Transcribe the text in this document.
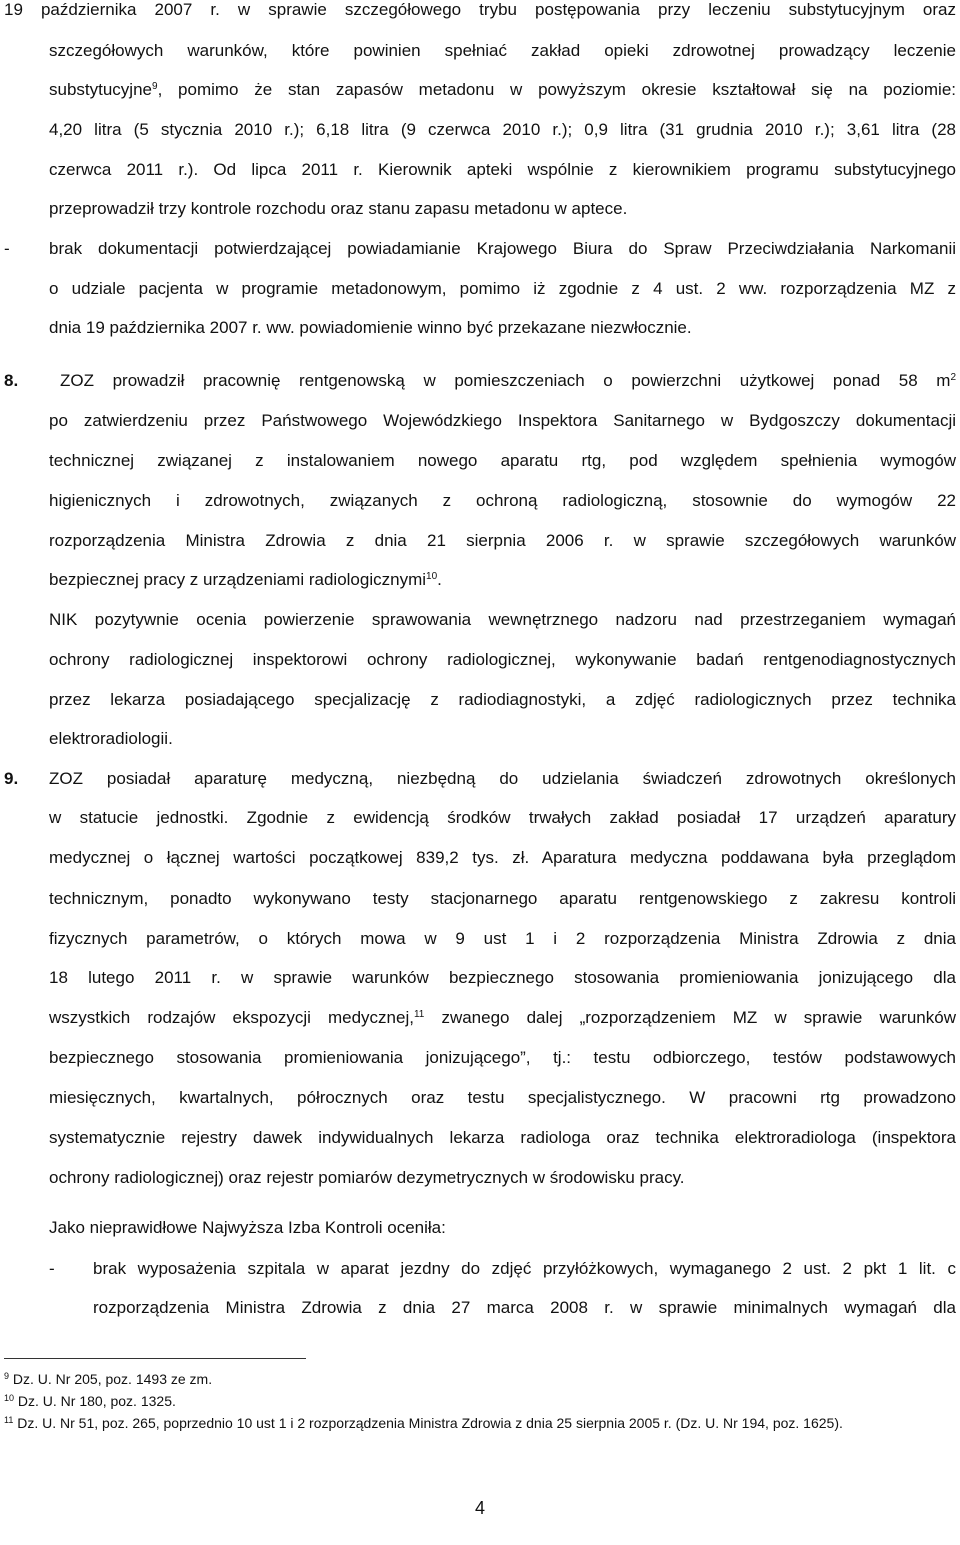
19 października 2007 r. w sprawie szczegółowego trybu postępowania przy leczeniu substytucyjnym oraz
szczegółowych warunków, które powinien spełniać zakład opieki zdrowotnej prowadzący leczenie
substytucyjne$^9$, pomimo że stan zapasów metadonu w powyższym okresie kształtował się na poziomie:
4,20 litra (5 stycznia 2010 r.); 6,18 litra (9 czerwca 2010 r.); 0,9 litra (31 grudnia 2010 r.); 3,61 litra (28
czerwca 2011 r.). Od lipca 2011 r. Kierownik apteki wspólnie z kierownikiem programu substytucyjnego
przeprowadził trzy kontrole rozchodu oraz stanu zapasu metadonu w aptece.
- brak dokumentacji potwierdzającej powiadamianie Krajowego Biura do Spraw Przeciwdziałania Narkomanii
o udziale pacjenta w programie metadonowym, pomimo iż zgodnie z 4 ust. 2 ww. rozporządzenia MZ z
dnia 19 października 2007 r. ww. powiadomienie winno być przekazane niezwłocznie.
8. ZOZ prowadził pracownię rentgenowską w pomieszczeniach o powierzchni użytkowej ponad 58 $m^2$
po zatwierdzeniu przez Państwowego Wojewódzkiego Inspektora Sanitarnego w Bydgoszczy dokumentacji
technicznej związanej z instalowaniem nowego aparatu rtg, pod względem spełnienia wymogów
higienicznych i zdrowotnych, związanych z ochroną radiologiczną, stosownie do wymogów 22
rozporządzenia Ministra Zdrowia z dnia 21 sierpnia 2006 r. w sprawie szczegółowych warunków
bezpiecznej pracy z urządzeniami radiologicznymi$^{10}$.
NIK pozytywnie ocenia powierzenie sprawowania wewnętrznego nadzoru nad przestrzeganiem wymagań
ochrony radiologicznej inspektorowi ochrony radiologicznej, wykonywanie badań rentgenodiagnostycznych
przez lekarza posiadającego specjalizację z radiodiagnostyki, a zdjęć radiologicznych przez technika
elektroradiologii.
9. ZOZ posiadał aparaturę medyczną, niezbędną do udzielania świadczeń zdrowotnych określonych
w statucie jednostki. Zgodnie z ewidencją środków trwałych zakład posiadał 17 urządzeń aparatury
medycznej o łącznej wartości początkowej 839,2 tys. zł. Aparatura medyczna poddawana była przeglądom
technicznym, ponadto wykonywano testy stacjonarnego aparatu rentgenowskiego z zakresu kontroli
fizycznych parametrów, o których mowa w 9 ust 1 i 2 rozporządzenia Ministra Zdrowia z dnia
18 lutego 2011 r. w sprawie warunków bezpiecznego stosowania promieniowania jonizującego dla
wszystkich rodzajów ekspozycji medycznej,$^{11}$ zwanego dalej „rozporządzeniem MZ w sprawie warunków
bezpiecznego stosowania promieniowania jonizującego”, tj.: testu odbiorczego, testów podstawowych
miesięcznych, kwartalnych, półrocznych oraz testu specjalistycznego. W pracowni rtg prowadzono
systematycznie rejestry dawek indywidualnych lekarza radiologa oraz technika elektroradiologa (inspektora
ochrony radiologicznej) oraz rejestr pomiarów dezymetrycznych w środowisku pracy.
Jako nieprawidłowe Najwyższa Izba Kontroli oceniła:
- brak wyposażenia szpitala w aparat jezdny do zdjęć przyłóżkowych, wymaganego 2 ust. 2 pkt 1 lit. c
rozporządzenia Ministra Zdrowia z dnia 27 marca 2008 r. w sprawie minimalnych wymagań dla
$^9$ Dz. U. Nr 205, poz. 1493 ze zm.
$^{10}$ Dz. U. Nr 180, poz. 1325.
$^{11}$ Dz. U. Nr 51, poz. 265, poprzednio 10 ust 1 i 2 rozporządzenia Ministra Zdrowia z dnia 25 sierpnia 2005 r. (Dz. U. Nr 194, poz. 1625).
4
